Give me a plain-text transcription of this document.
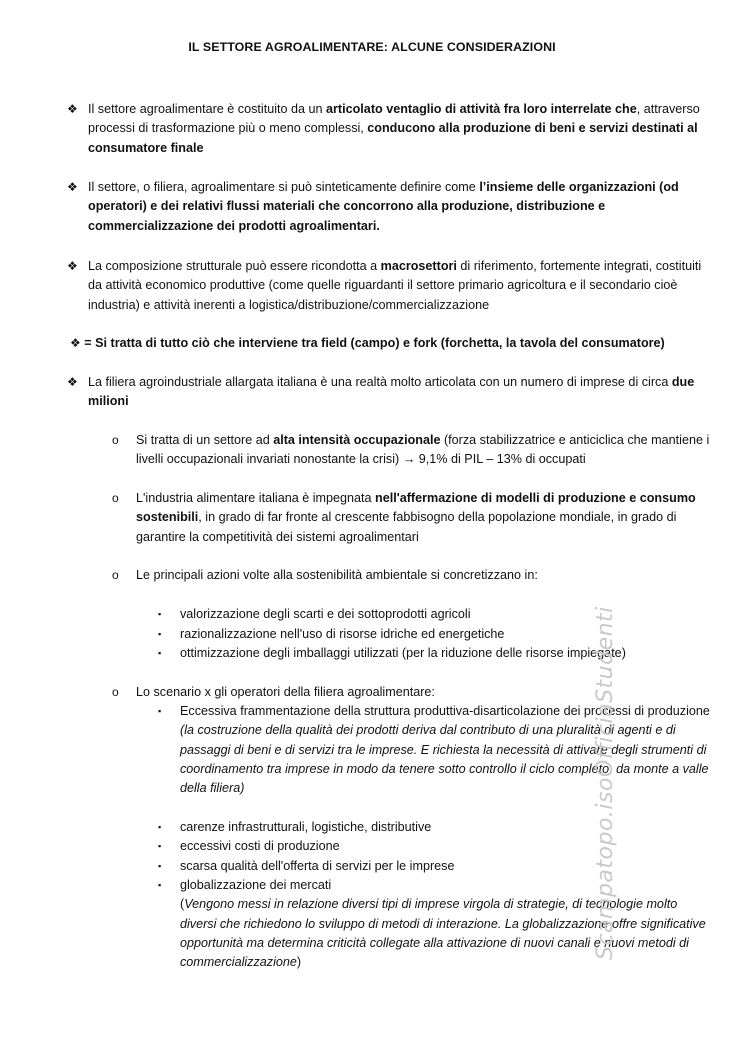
IL SETTORE AGROALIMENTARE: ALCUNE CONSIDERAZIONI
❖ Il settore agroalimentare è costituito da un articolato ventaglio di attività fra loro interrelate che, attraverso processi di trasformazione più o meno complessi, conducono alla produzione di beni e servizi destinati al consumatore finale
❖ Il settore, o filiera, agroalimentare si può sinteticamente definire come l’insieme delle organizzazioni (od operatori) e dei relativi flussi materiali che concorrono alla produzione, distribuzione e commercializzazione dei prodotti agroalimentari.
❖ La composizione strutturale può essere ricondotta a macrosettori di riferimento, fortemente integrati, costituiti da attività economico produttive (come quelle riguardanti il settore primario agricoltura e il secondario cioè industria) e attività inerenti a logistica/distribuzione/commercializzazione
❖ = Si tratta di tutto ciò che interviene tra field (campo) e fork (forchetta, la tavola del consumatore)
❖ La filiera agroindustriale allargata italiana è una realtà molto articolata con un numero di imprese di circa due milioni
o Si tratta di un settore ad alta intensità occupazionale (forza stabilizzatrice e anticiclica che mantiene i livelli occupazionali invariati nonostante la crisi) → 9,1% di PIL – 13% di occupati
o L'industria alimentare italiana è impegnata nell'affermazione di modelli di produzione e consumo sostenibili, in grado di far fronte al crescente fabbisogno della popolazione mondiale, in grado di garantire la competitività dei sistemi agroalimentari
o Le principali azioni volte alla sostenibilità ambientale si concretizzano in:
▪ valorizzazione degli scarti e dei sottoprodotti agricoli
▪ razionalizzazione nell'uso di risorse idriche ed energetiche
▪ ottimizzazione degli imballaggi utilizzati (per la riduzione delle risorse impiegate)
o Lo scenario x gli operatori della filiera agroalimentare:
▪ Eccessiva frammentazione della struttura produttiva-disarticolazione dei processi di produzione
(la costruzione della qualità dei prodotti deriva dal contributo di una pluralità di agenti e di passaggi di beni e di servizi tra le imprese. E richiesta la necessità di attivare degli strumenti di coordinamento tra imprese in modo da tenere sotto controllo il ciclo completo, da monte a valle della filiera)
▪ carenze infrastrutturali, logistiche, distributive
▪ eccessivi costi di produzione
▪ scarsa qualità dell'offerta di servizi per le imprese
▪ globalizzazione dei mercati
(Vengono messi in relazione diversi tipi di imprese virgola di strategie, di tecnologie molto diversi che richiedono lo sviluppo di metodi di interazione. La globalizzazione offre significative opportunità ma determina criticità collegate alla attivazione di nuovi canali e nuovi metodi di commercializzazione)
Scampatopo.isoOfficiaStudenti
